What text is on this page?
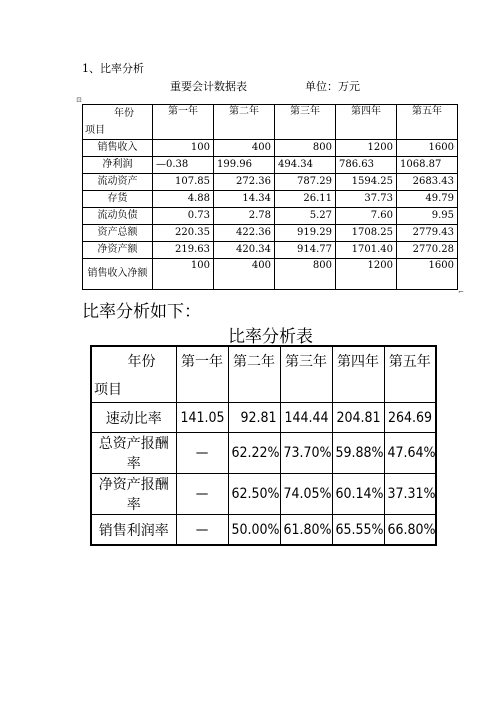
1、比率分析
重要会计数据表	单位：万元
⊡
年份
项目	第一年	第二年	第三年	第四年	第五年
销售收入	100	400	800	1200	1600
净利润	—0.38	199.96	494.34	786.63	1068.87
流动资产	107.85	272.36	787.29	1594.25	2683.43
存货	4.88	14.34	26.11	37.73	49.79
流动负债	0.73	2.78	5.27	7.60	9.95
资产总额	220.35	422.36	919.29	1708.25	2779.43
净资产额	219.63	420.34	914.77	1701.40	2770.28
销售收入净额	100	400	800	1200	1600
⌐
比率分析如下：
比率分析表
年份
项目	第一年	第二年	第三年	第四年	第五年
速动比率	141.05	92.81	144.44	204.81	264.69
总资产报酬率	—	62.22%	73.70%	59.88%	47.64%
净资产报酬率	—	62.50%	74.05%	60.14%	37.31%
销售利润率	—	50.00%	61.80%	65.55%	66.80%
